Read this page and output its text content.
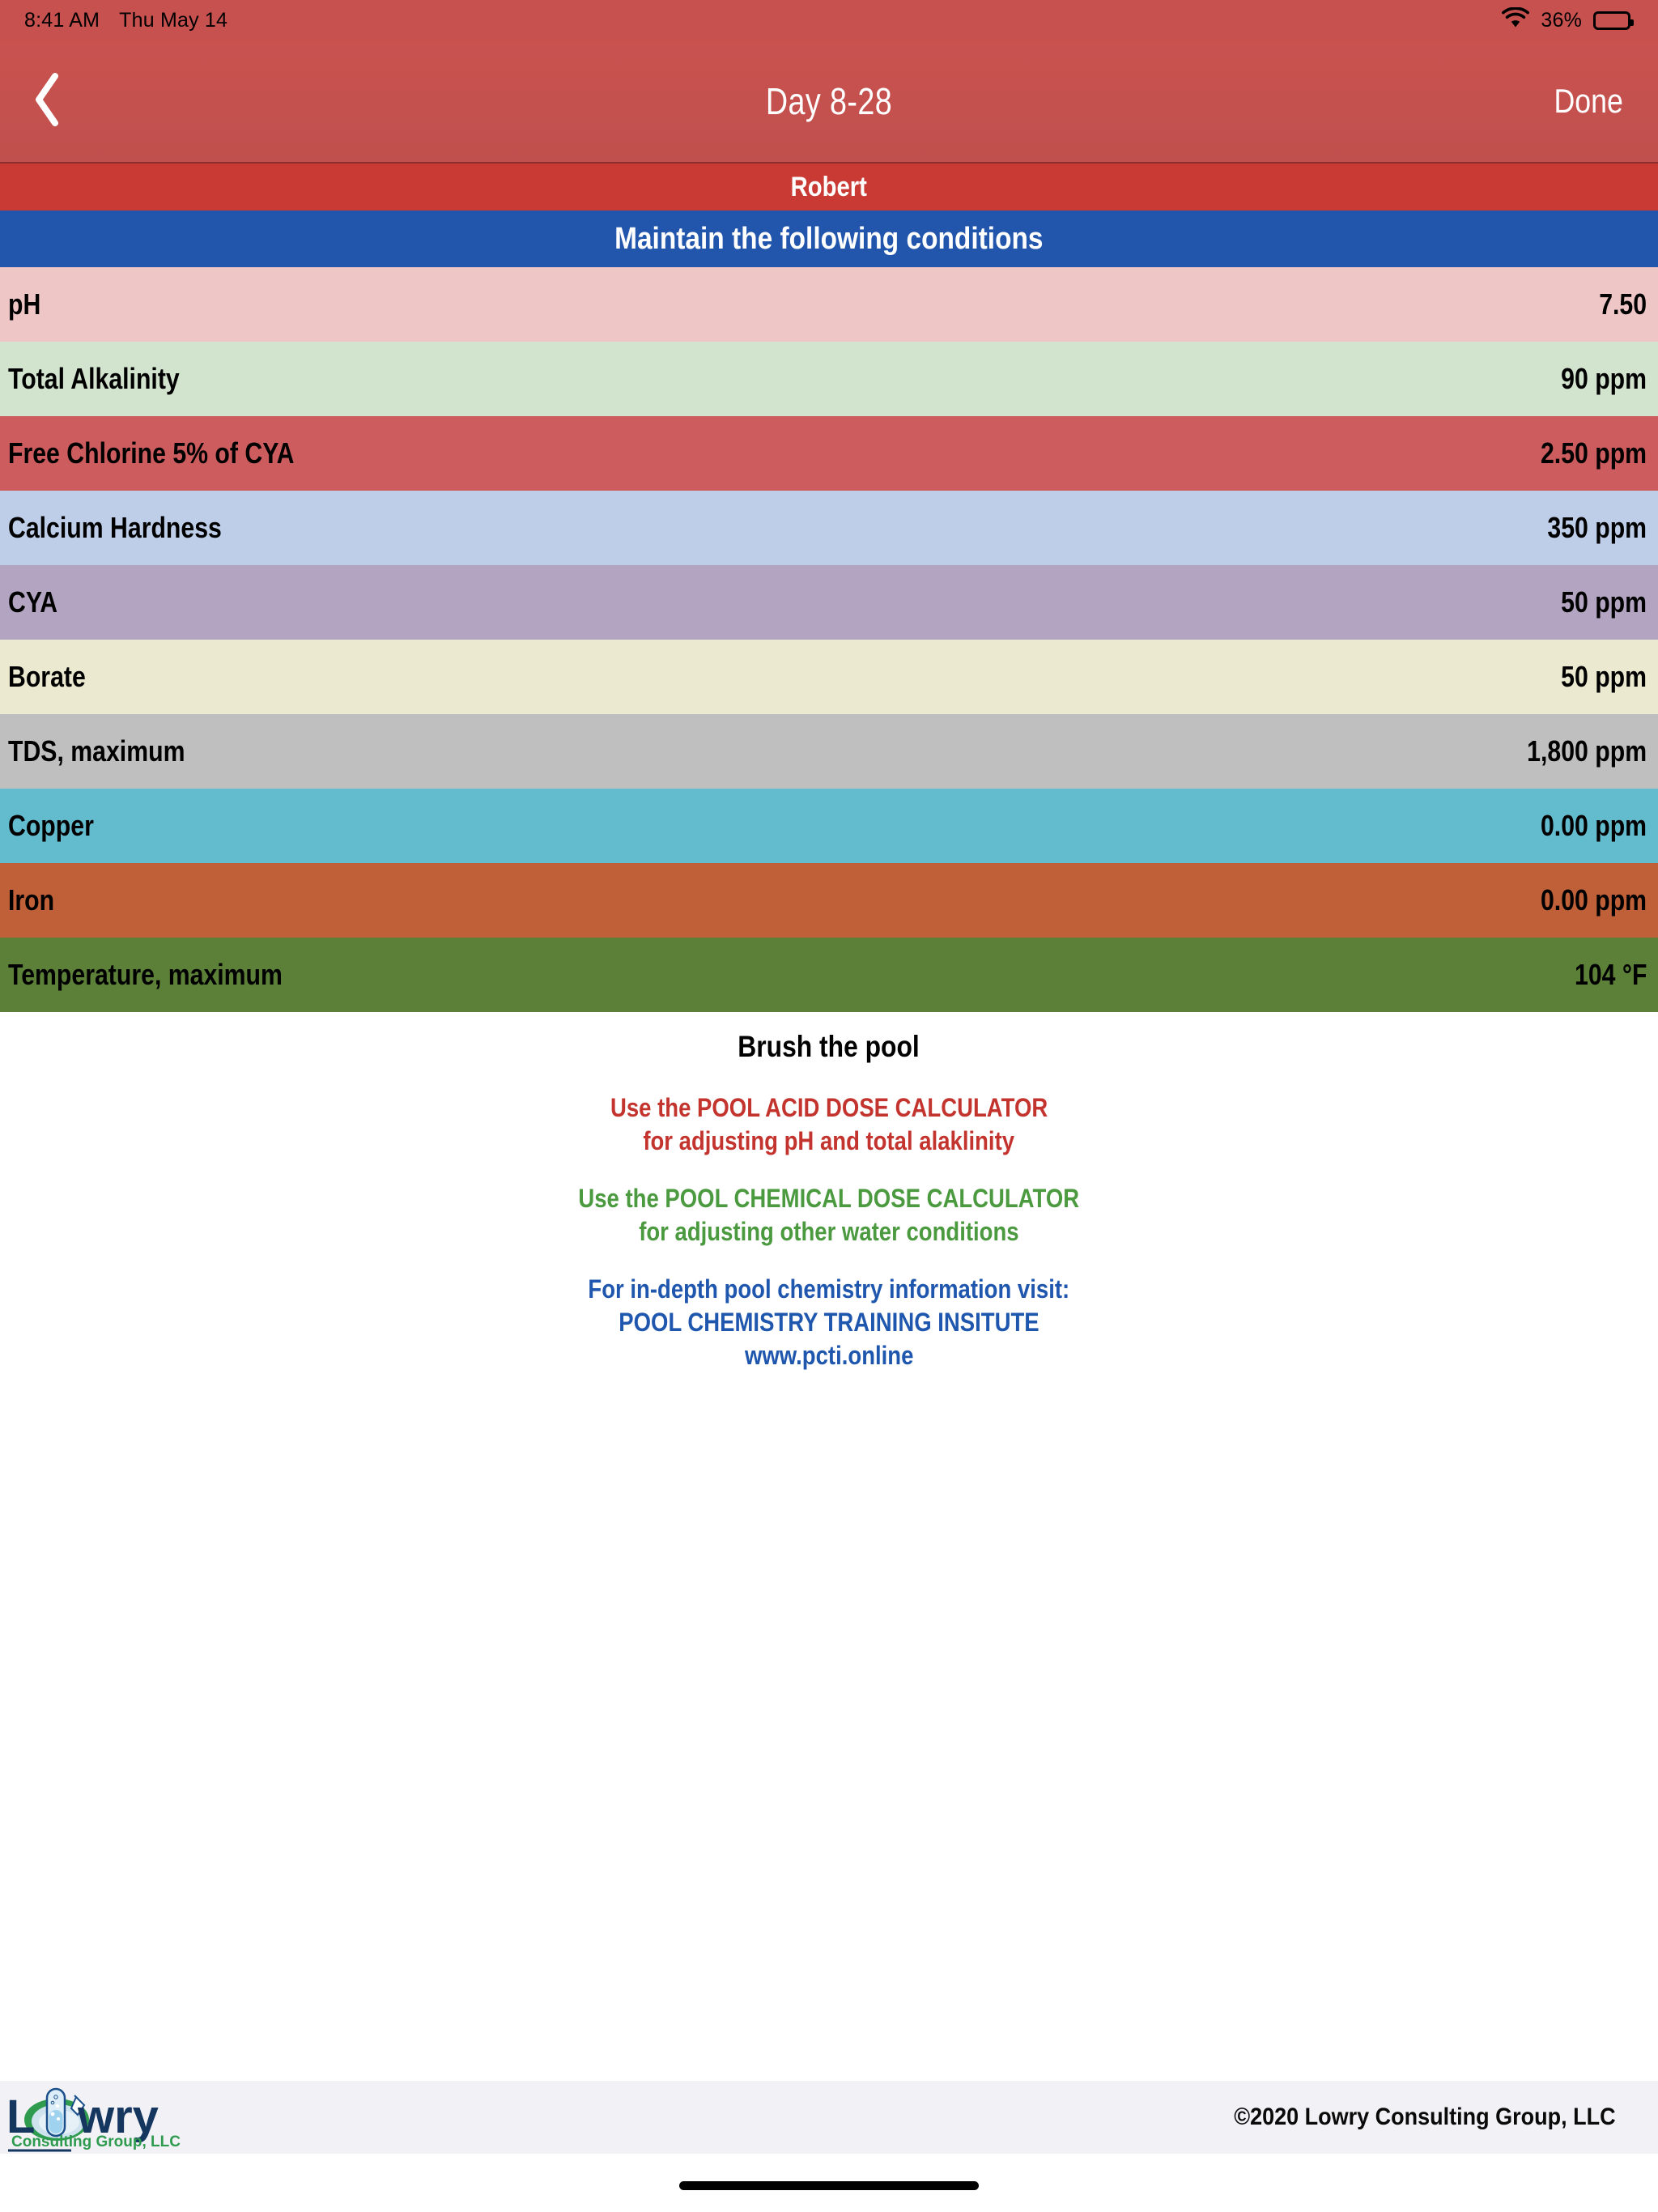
8:41 AM Thu May 14	36%
Day 8-28	Done
Robert
Maintain the following conditions
pH	7.50
Total Alkalinity	90 ppm
Free Chlorine 5% of CYA	2.50 ppm
Calcium Hardness	350 ppm
CYA	50 ppm
Borate	50 ppm
TDS, maximum	1,800 ppm
Copper	0.00 ppm
Iron	0.00 ppm
Temperature, maximum	104 °F
Brush the pool
Use the POOL ACID DOSE CALCULATOR
for adjusting pH and total alaklinity
Use the POOL CHEMICAL DOSE CALCULATOR
for adjusting other water conditions
For in-depth pool chemistry information visit:
POOL CHEMISTRY TRAINING INSITUTE
www.pcti.online
L wry
Consulting Group, LLC
©2020 Lowry Consulting Group, LLC
